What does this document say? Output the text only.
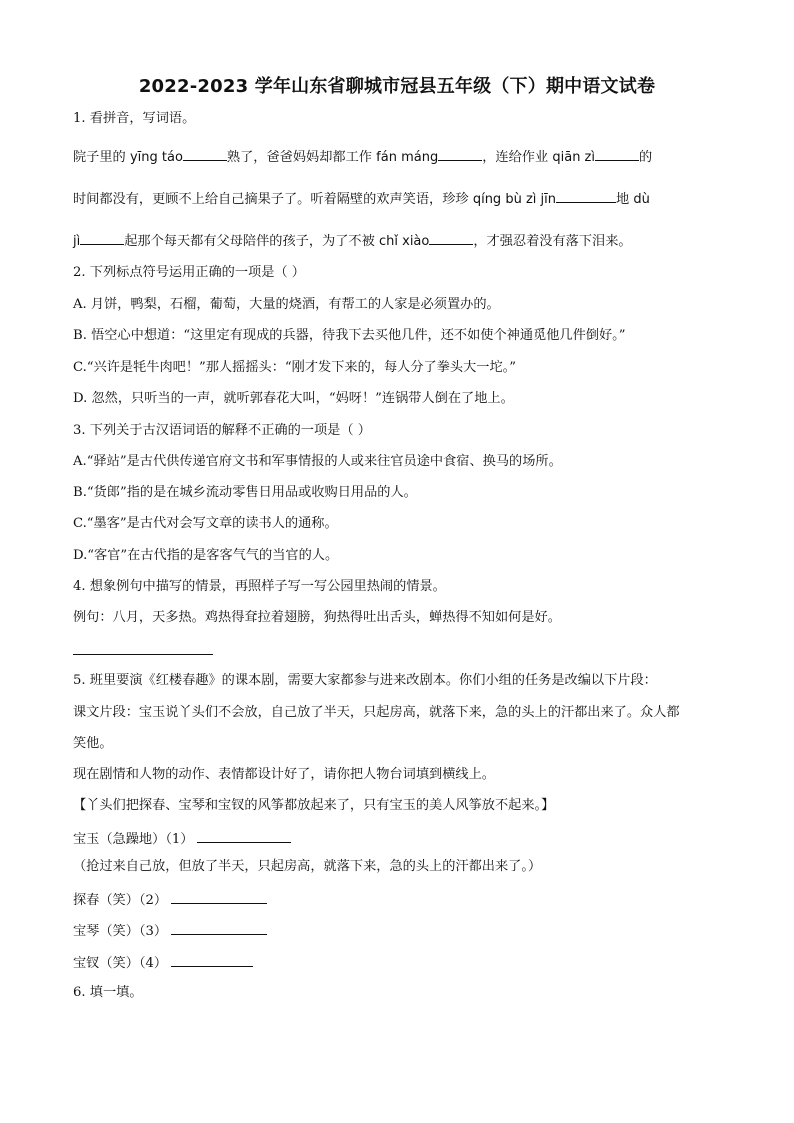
2022-2023 学年山东省聊城市冠县五年级（下）期中语文试卷
1. 看拼音，写词语。
院子里的 yīng táo	熟了，爸爸妈妈却都工作 fán máng	，连给作业 qiān zì	的
时间都没有，更顾不上给自己摘果子了。听着隔壁的欢声笑语，珍珍 qíng bù zì jīn	地 dù
jì	起那个每天都有父母陪伴的孩子，为了不被 chǐ xiào	，才强忍着没有落下泪来。
2. 下列标点符号运用正确的一项是（ ）
A. 月饼，鸭梨，石榴，葡萄，大量的烧酒，有帮工的人家是必须置办的。
B. 悟空心中想道：“这里定有现成的兵器，待我下去买他几件，还不如使个神通觅他几件倒好。”
C.“兴许是牦牛肉吧！”那人摇摇头：“刚才发下来的，每人分了拳头大一坨。”
D. 忽然，只听当的一声，就听郭春花大叫，“妈呀！”连锅带人倒在了地上。
3. 下列关于古汉语词语的解释不正确的一项是（ ）
A.“驿站”是古代供传递官府文书和军事情报的人或来往官员途中食宿、换马的场所。
B.“货郎”指的是在城乡流动零售日用品或收购日用品的人。
C.“墨客”是古代对会写文章的读书人的通称。
D.“客官”在古代指的是客客气气的当官的人。
4. 想象例句中描写的情景，再照样子写一写公园里热闹的情景。
例句：八月，天多热。鸡热得耷拉着翅膀，狗热得吐出舌头，蝉热得不知如何是好。
5. 班里要演《红楼春趣》的课本剧，需要大家都参与进来改剧本。你们小组的任务是改编以下片段：
课文片段：宝玉说丫头们不会放，自己放了半天，只起房高，就落下来，急的头上的汗都出来了。众人都
笑他。
现在剧情和人物的动作、表情都设计好了，请你把人物台词填到横线上。
【丫头们把探春、宝琴和宝钗的风筝都放起来了，只有宝玉的美人风筝放不起来。】
宝玉（急躁地）（1）
（抢过来自己放，但放了半天，只起房高，就落下来，急的头上的汗都出来了。）
探春（笑）（2）
宝琴（笑）（3）
宝钗（笑）（4）
6. 填一填。
